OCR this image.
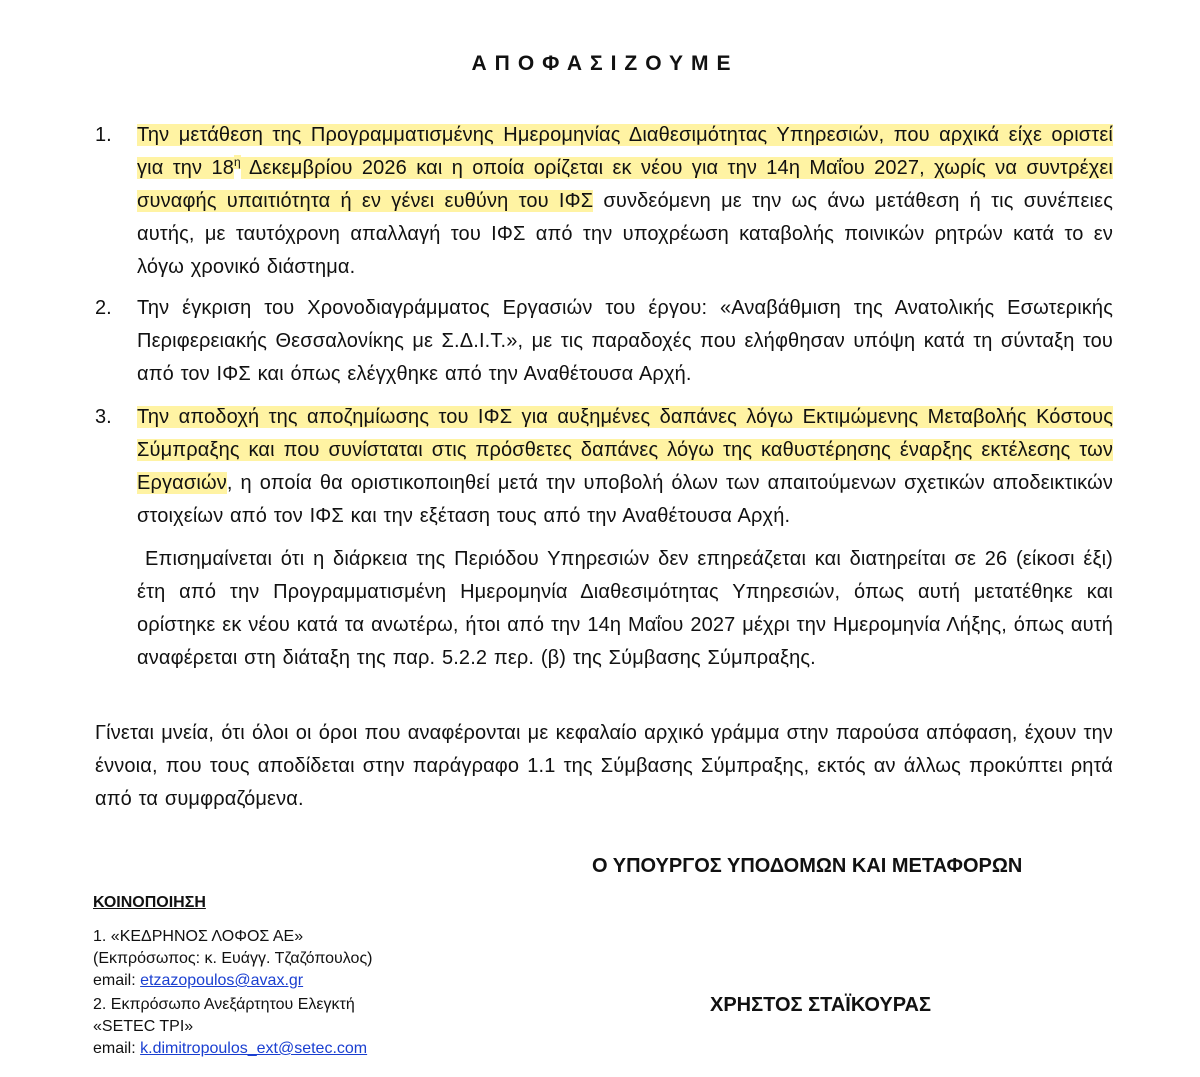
ΑΠΟΦΑΣΙΖΟΥΜΕ
1. Την μετάθεση της Προγραμματισμένης Ημερομηνίας Διαθεσιμότητας Υπηρεσιών, που αρχικά είχε οριστεί για την $18^\eta$ Δεκεμβρίου 2026 και η οποία ορίζεται εκ νέου για την 14η Μαΐου 2027, χωρίς να συντρέχει συναφής υπαιτιότητα ή εν γένει ευθύνη του ΙΦΣ συνδεόμενη με την ως άνω μετάθεση ή τις συνέπειες αυτής, με ταυτόχρονη απαλλαγή του ΙΦΣ από την υποχρέωση καταβολής ποινικών ρητρών κατά το εν λόγω χρονικό διάστημα.
2. Την έγκριση του Χρονοδιαγράμματος Εργασιών του έργου: «Αναβάθμιση της Ανατολικής Εσωτερικής Περιφερειακής Θεσσαλονίκης με Σ.Δ.Ι.Τ.», με τις παραδοχές που ελήφθησαν υπόψη κατά τη σύνταξη του από τον ΙΦΣ και όπως ελέγχθηκε από την Αναθέτουσα Αρχή.
3. Την αποδοχή της αποζημίωσης του ΙΦΣ για αυξημένες δαπάνες λόγω Εκτιμώμενης Μεταβολής Κόστους Σύμπραξης και που συνίσταται στις πρόσθετες δαπάνες λόγω της καθυστέρησης έναρξης εκτέλεσης των Εργασιών, η οποία θα οριστικοποιηθεί μετά την υποβολή όλων των απαιτούμενων σχετικών αποδεικτικών στοιχείων από τον ΙΦΣ και την εξέταση τους από την Αναθέτουσα Αρχή.
Επισημαίνεται ότι η διάρκεια της Περιόδου Υπηρεσιών δεν επηρεάζεται και διατηρείται σε 26 (είκοσι έξι) έτη από την Προγραμματισμένη Ημερομηνία Διαθεσιμότητας Υπηρεσιών, όπως αυτή μετατέθηκε και ορίστηκε εκ νέου κατά τα ανωτέρω, ήτοι από την 14η Μαΐου 2027 μέχρι την Ημερομηνία Λήξης, όπως αυτή αναφέρεται στη διάταξη της παρ. 5.2.2 περ. (β) της Σύμβασης Σύμπραξης.
Γίνεται μνεία, ότι όλοι οι όροι που αναφέρονται με κεφαλαίο αρχικό γράμμα στην παρούσα απόφαση, έχουν την έννοια, που τους αποδίδεται στην παράγραφο 1.1 της Σύμβασης Σύμπραξης, εκτός αν άλλως προκύπτει ρητά από τα συμφραζόμενα.
Ο ΥΠΟΥΡΓΟΣ ΥΠΟΔΟΜΩΝ ΚΑΙ ΜΕΤΑΦΟΡΩΝ
ΧΡΗΣΤΟΣ ΣΤΑΪΚΟΥΡΑΣ
ΚΟΙΝΟΠΟΙΗΣΗ
1. «ΚΕΔΡΗΝΟΣ ΛΟΦΟΣ ΑΕ»
(Εκπρόσωπος: κ. Ευάγγ. Τζαζόπουλος)
email: etzazopoulos@avax.gr
2. Εκπρόσωπο Ανεξάρτητου Ελεγκτή
«SETEC TPI»
email: k.dimitropoulos_ext@setec.com
